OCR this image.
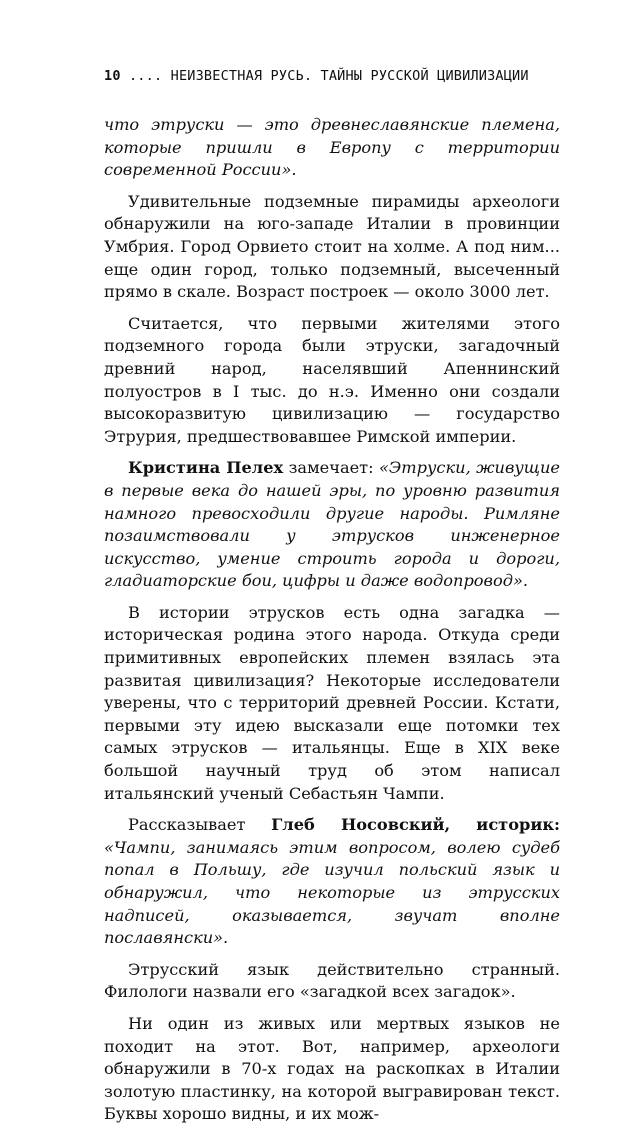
10 .... НЕИЗВЕСТНАЯ РУСЬ. ТАЙНЫ РУССКОЙ ЦИВИЛИЗАЦИИ

что этруски — это древнеславянские племена, которые пришли в Европу с территории современной России».

Удивительные подземные пирамиды археологи обнаружили на юго-западе Италии в провинции Умбрия. Город Орвието стоит на холме. А под ним... еще один город, только подземный, высеченный прямо в скале. Возраст построек — около 3000 лет.

Считается, что первыми жителями этого подземного города были этруски, загадочный древний народ, населявший Апеннинский полуостров в I тыс. до н.э. Именно они создали высокоразвитую цивилизацию — государство Этрурия, предшествовавшее Римской империи.

Кристина Пелех замечает: «Этруски, живущие в первые века до нашей эры, по уровню развития намного превосходили другие народы. Римляне позаимствовали у этрусков инженерное искусство, умение строить города и дороги, гладиаторские бои, цифры и даже водопровод».

В истории этрусков есть одна загадка — историческая родина этого народа. Откуда среди примитивных европейских племен взялась эта развитая цивилизация? Некоторые исследователи уверены, что с территорий древней России. Кстати, первыми эту идею высказали еще потомки тех самых этрусков — итальянцы. Еще в XIX веке большой научный труд об этом написал итальянский ученый Себастьян Чампи.

Рассказывает Глеб Носовский, историк: «Чампи, занимаясь этим вопросом, волею судеб попал в Польшу, где изучил польский язык и обнаружил, что некоторые из этрусских надписей, оказывается, звучат вполне пославянски».

Этрусский язык действительно странный. Филологи назвали его «загадкой всех загадок».

Ни один из живых или мертвых языков не походит на этот. Вот, например, археологи обнаружили в 70-х годах на раскопках в Италии золотую пластинку, на которой выгравирован текст. Буквы хорошо видны, и их мож-
